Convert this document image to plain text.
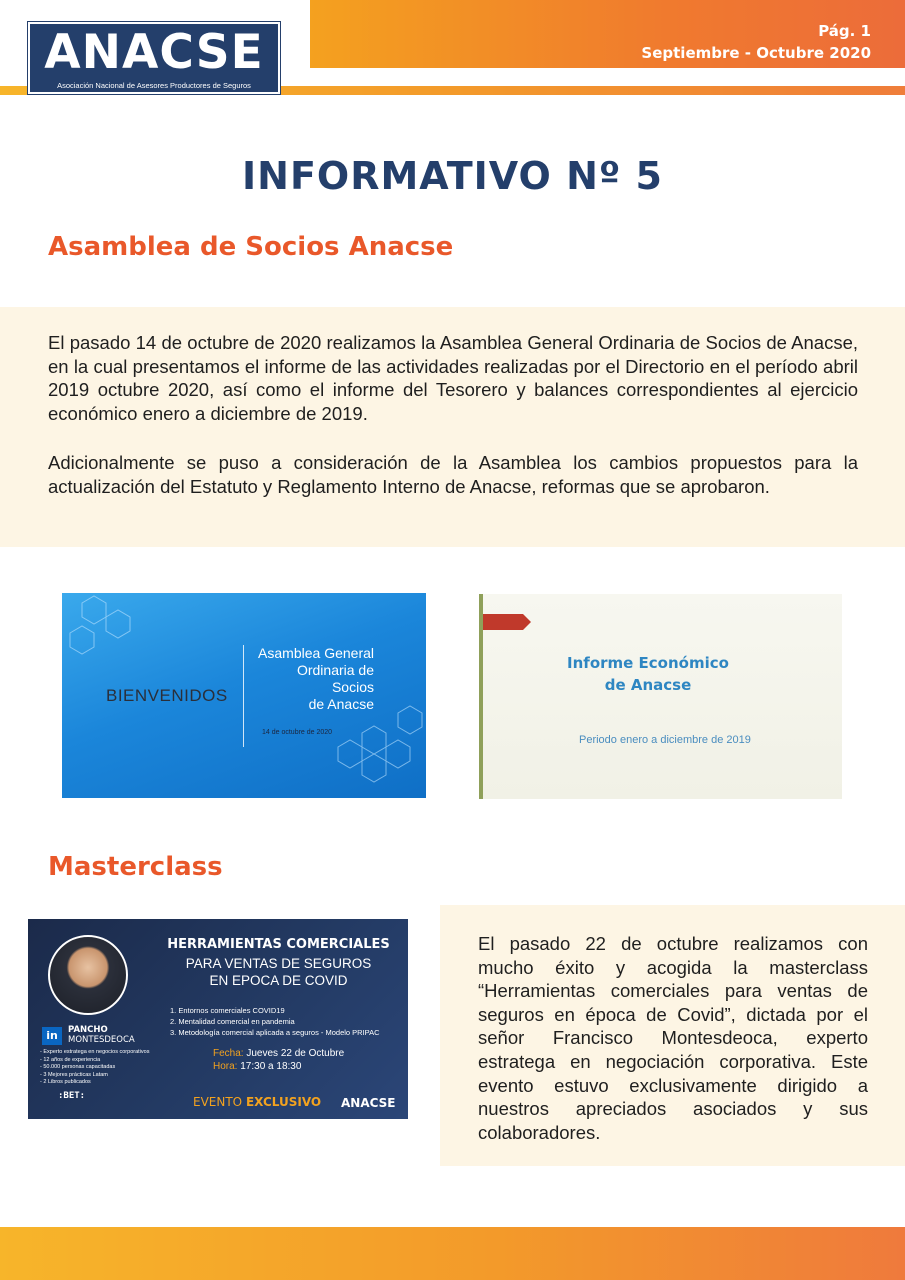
Pág. 1
Septiembre - Octubre 2020
ANACSE
Asociación Nacional de Asesores Productores de Seguros
INFORMATIVO Nº 5
Asamblea de Socios Anacse

El pasado 14 de octubre de 2020 realizamos la Asamblea General Ordinaria de Socios de Anacse, en la cual presentamos el informe de las actividades realizadas por el Directorio en el período abril 2019 octubre 2020, así como el informe del Tesorero y balances correspondientes al ejercicio económico enero a diciembre de 2019.

Adicionalmente se puso a consideración de la Asamblea los cambios propuestos para la actualización del Estatuto y Reglamento Interno de Anacse, reformas que se aprobaron.

BIENVENIDOS
Asamblea General
Ordinaria de
Socios
de Anacse
14 de octubre de 2020
Informe Económico
de Anacse
Periodo enero a diciembre de 2019
Masterclass
HERRAMIENTAS COMERCIALES
PARA VENTAS DE SEGUROS
EN EPOCA DE COVID
1. Entornos comerciales COVID19
2. Mentalidad comercial en pandemia
3. Metodología comercial aplicada a seguros - Modelo PRIPAC
Fecha: Jueves 22 de Octubre
Hora: 17:30 a 18:30
in	PANCHO
MONTESDEOCA
- Experto estratega en negocios corporativos
- 12 años de experiencia
- 50.000 personas capacitadas
- 3 Mejores prácticas Latam
- 2 Libros publicados
:BET:	EVENTO EXCLUSIVO ANACSE

El pasado 22 de octubre realizamos con mucho éxito y acogida la masterclass “Herramientas comerciales para ventas de seguros en época de Covid”, dictada por el señor Francisco Montesdeoca, experto estratega en negociación corporativa. Este evento estuvo exclusivamente dirigido a nuestros apreciados asociados y sus colaboradores.
